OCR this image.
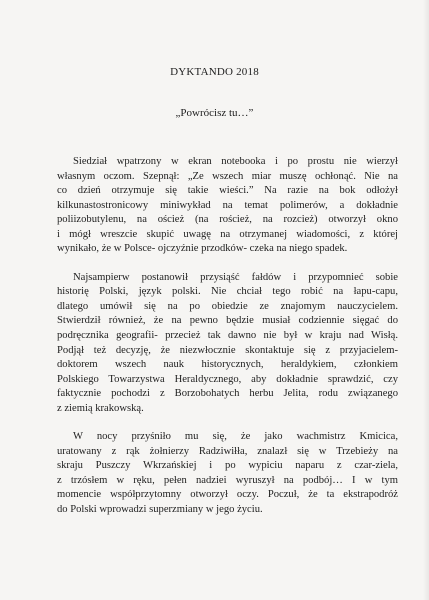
DYKTANDO 2018
„Powrócisz tu…”

Siedział wpatrzony w ekran notebooka i po prostu nie wierzył
własnym oczom. Szepnął: „Ze wszech miar muszę ochłonąć. Nie na
co dzień otrzymuje się takie wieści.” Na razie na bok odłożył
kilkunastostronicowy miniwykład na temat polimerów, a dokładnie
poliizobutylenu, na oścież (na roścież, na rozcież) otworzył okno
i mógł wreszcie skupić uwagę na otrzymanej wiadomości, z której
wynikało, że w Polsce- ojczyźnie przodków- czeka na niego spadek.

Najsampierw postanowił przysiąść fałdów i przypomnieć sobie
historię Polski, język polski. Nie chciał tego robić na łapu-capu,
dlatego umówił się na po obiedzie ze znajomym nauczycielem.
Stwierdził również, że na pewno będzie musiał codziennie sięgać do
podręcznika geografii- przecież tak dawno nie był w kraju nad Wisłą.
Podjął też decyzję, że niezwłocznie skontaktuje się z przyjacielem-
doktorem wszech nauk historycznych, heraldykiem, członkiem
Polskiego Towarzystwa Heraldycznego, aby dokładnie sprawdzić, czy
faktycznie pochodzi z Borzobohatych herbu Jelita, rodu związanego
z ziemią krakowską.

W nocy przyśniło mu się, że jako wachmistrz Kmicica,
uratowany z rąk żołnierzy Radziwiłła, znalazł się w Trzebieży na
skraju Puszczy Wkrzańskiej i po wypiciu naparu z czar-ziela,
z trzósłem w ręku, pełen nadziei wyruszył na podbój… I w tym
momencie współprzytomny otworzył oczy. Poczuł, że ta ekstrapodróż
do Polski wprowadzi superzmiany w jego życiu.
